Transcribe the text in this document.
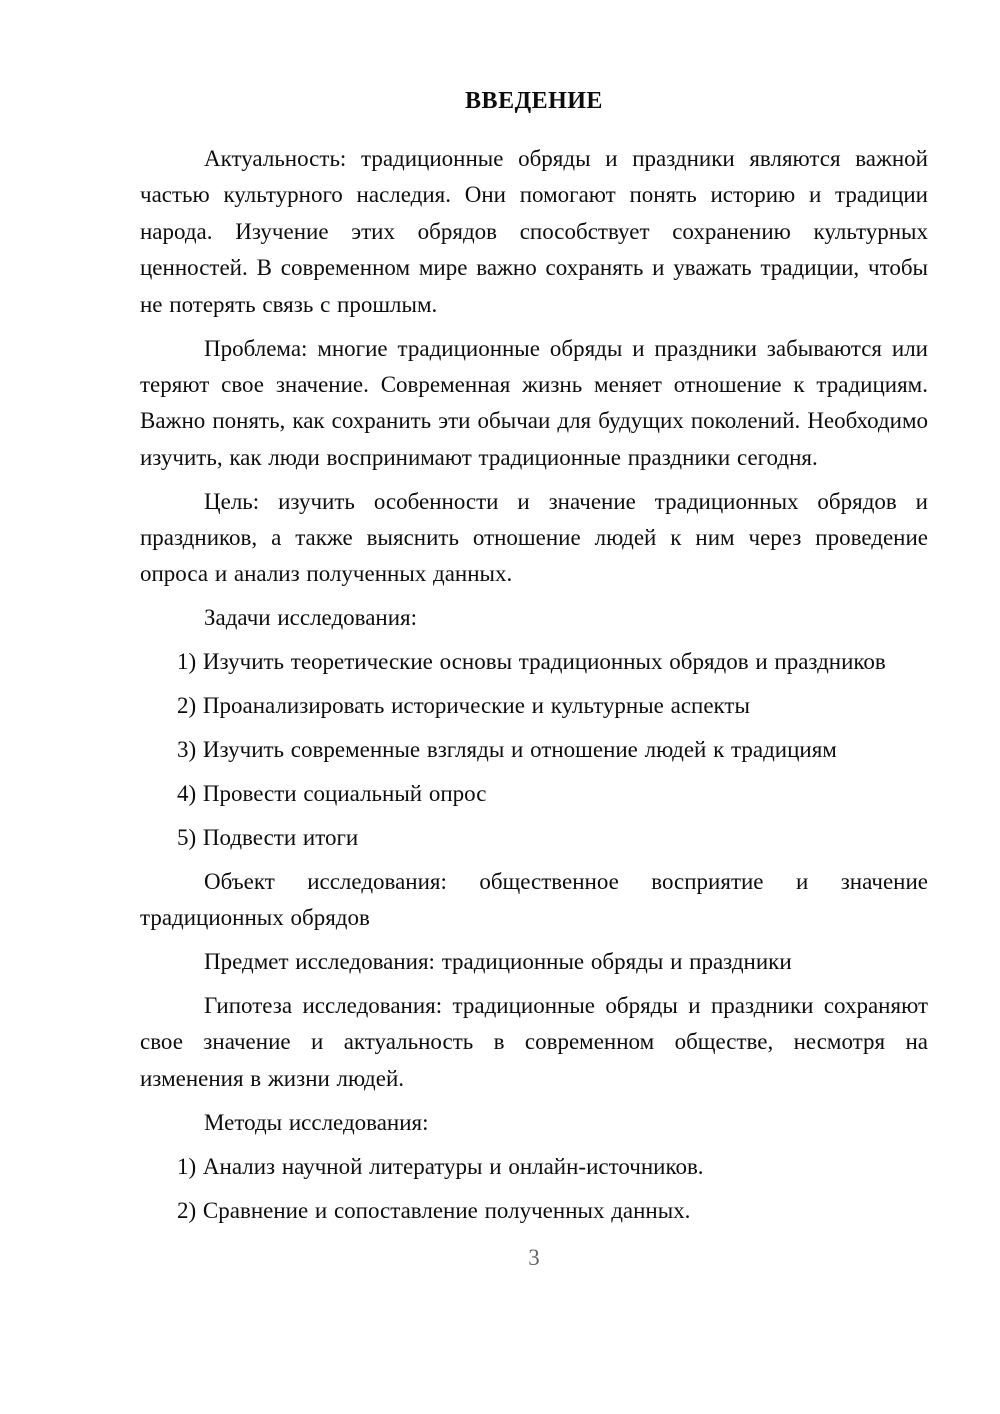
ВВЕДЕНИЕ

Актуальность: традиционные обряды и праздники являются важной частью культурного наследия. Они помогают понять историю и традиции народа. Изучение этих обрядов способствует сохранению культурных ценностей. В современном мире важно сохранять и уважать традиции, чтобы не потерять связь с прошлым.

Проблема: многие традиционные обряды и праздники забываются или теряют свое значение. Современная жизнь меняет отношение к традициям. Важно понять, как сохранить эти обычаи для будущих поколений. Необходимо изучить, как люди воспринимают традиционные праздники сегодня.

Цель: изучить особенности и значение традиционных обрядов и праздников, а также выяснить отношение людей к ним через проведение опроса и анализ полученных данных.

Задачи исследования:

1) Изучить теоретические основы традиционных обрядов и праздников

2) Проанализировать исторические и культурные аспекты

3) Изучить современные взгляды и отношение людей к традициям

4) Провести социальный опрос

5) Подвести итоги

Объект исследования: общественное восприятие и значение традиционных обрядов

Предмет исследования: традиционные обряды и праздники

Гипотеза исследования: традиционные обряды и праздники сохраняют свое значение и актуальность в современном обществе, несмотря на изменения в жизни людей.

Методы исследования:

1) Анализ научной литературы и онлайн-источников.

2) Сравнение и сопоставление полученных данных.

3
